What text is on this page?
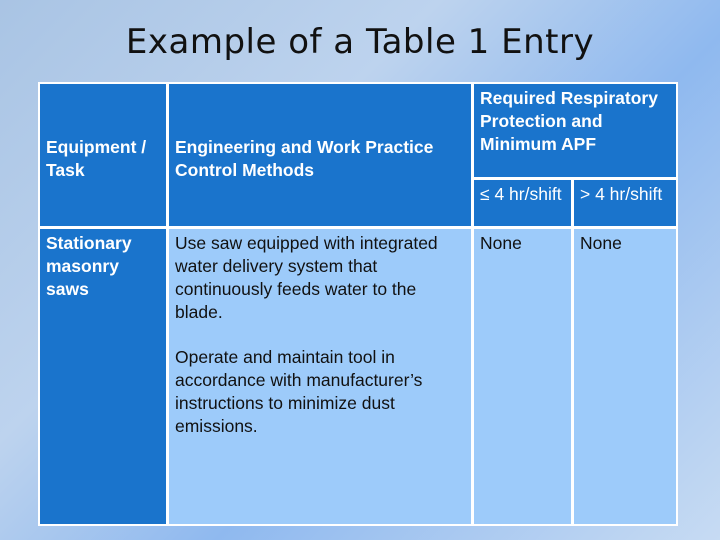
Example of a Table 1 Entry
Equipment / Task
Engineering and Work Practice Control Methods
Required Respiratory Protection and Minimum APF
≤ 4 hr/shift	> 4 hr/shift
Stationary masonry saws

Use saw equipped with integrated water delivery system that continuously feeds water to the blade.

Operate and maintain tool in accordance with manufacturer’s instructions to minimize dust emissions.

None	None
